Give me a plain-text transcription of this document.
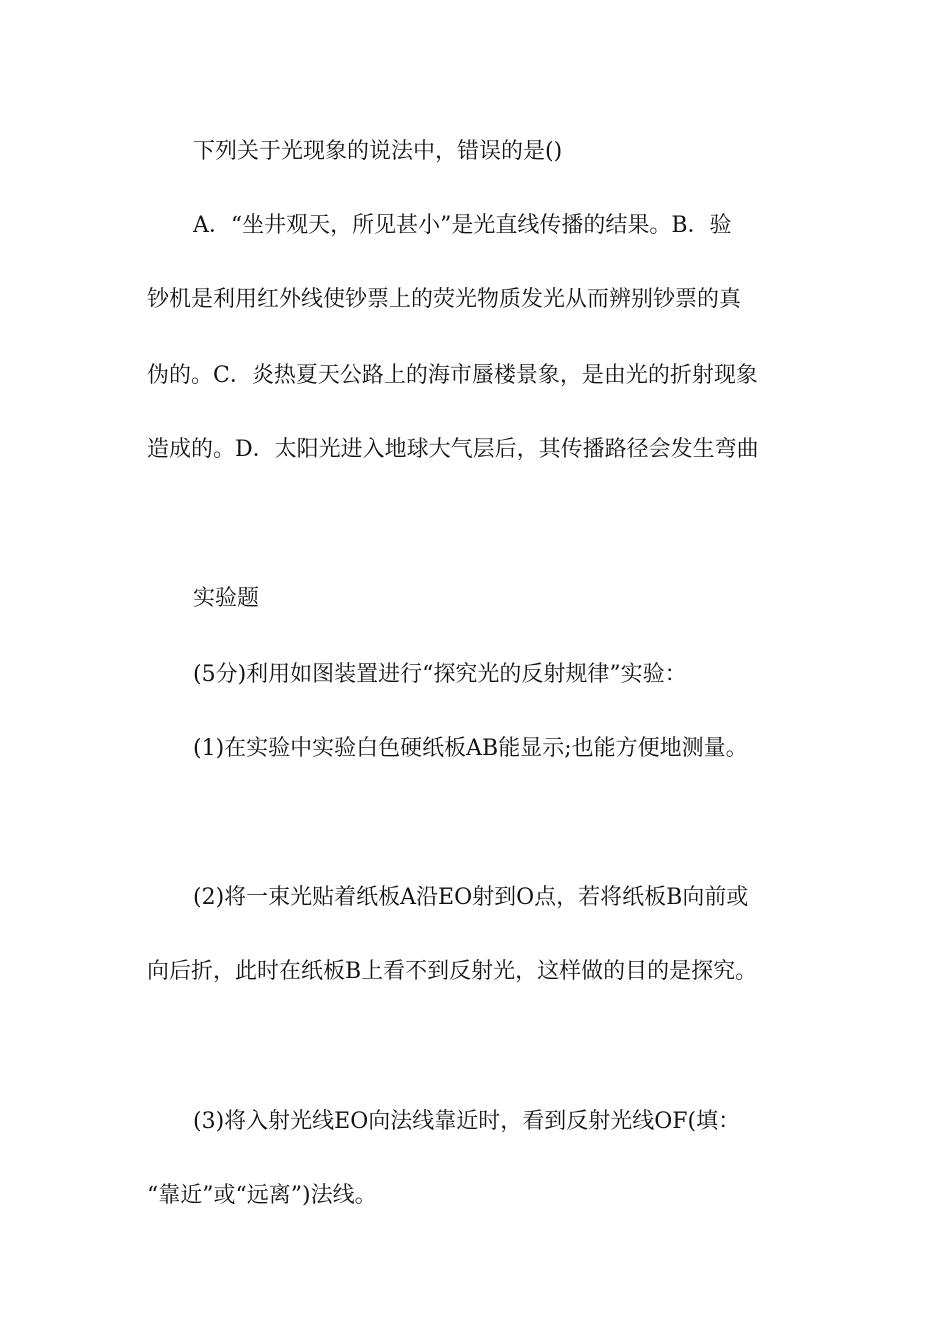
下列关于光现象的说法中，错误的是()
A．“坐井观天，所见甚小”是光直线传播的结果。B．验
钞机是利用红外线使钞票上的荧光物质发光从而辨别钞票的真
伪的。C．炎热夏天公路上的海市蜃楼景象，是由光的折射现象
造成的。D．太阳光进入地球大气层后，其传播路径会发生弯曲
实验题
(5分)利用如图装置进行“探究光的反射规律”实验：
(1)在实验中实验白色硬纸板AB能显示;也能方便地测量。
(2)将一束光贴着纸板A沿EO射到O点，若将纸板B向前或
向后折，此时在纸板B上看不到反射光，这样做的目的是探究。
(3)将入射光线EO向法线靠近时，看到反射光线OF(填：
“靠近”或“远离”)法线。
